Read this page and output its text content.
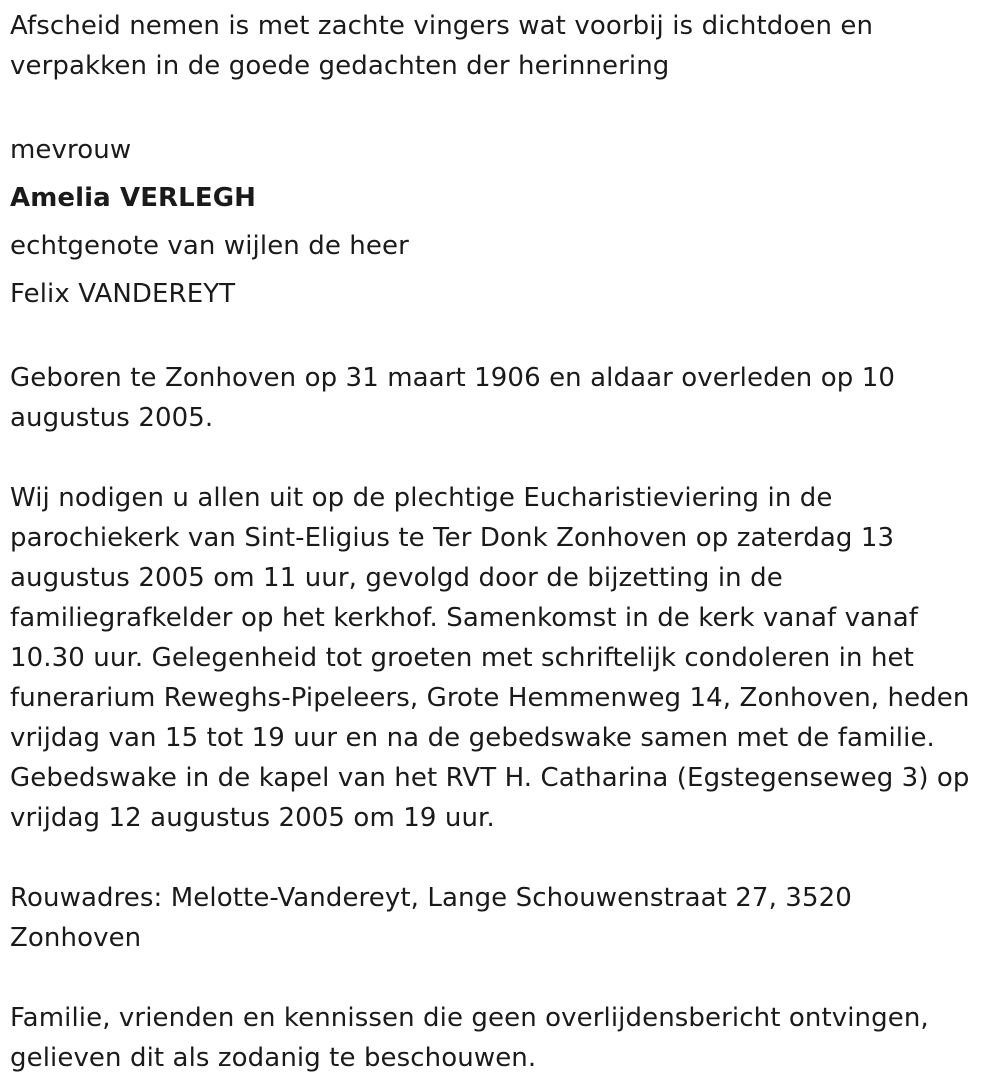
Afscheid nemen is met zachte vingers wat voorbij is dichtdoen en
verpakken in de goede gedachten der herinnering

mevrouw

Amelia VERLEGH

echtgenote van wijlen de heer

Felix VANDEREYT

Geboren te Zonhoven op 31 maart 1906 en aldaar overleden op 10
augustus 2005.

Wij nodigen u allen uit op de plechtige Eucharistieviering in de
parochiekerk van Sint-Eligius te Ter Donk Zonhoven op zaterdag 13
augustus 2005 om 11 uur, gevolgd door de bijzetting in de
familiegrafkelder op het kerkhof. Samenkomst in de kerk vanaf vanaf
10.30 uur. Gelegenheid tot groeten met schriftelijk condoleren in het
funerarium Reweghs-Pipeleers, Grote Hemmenweg 14, Zonhoven, heden
vrijdag van 15 tot 19 uur en na de gebedswake samen met de familie.
Gebedswake in de kapel van het RVT H. Catharina (Egstegenseweg 3) op
vrijdag 12 augustus 2005 om 19 uur.

Rouwadres: Melotte-Vandereyt, Lange Schouwenstraat 27, 3520
Zonhoven

Familie, vrienden en kennissen die geen overlijdensbericht ontvingen,
gelieven dit als zodanig te beschouwen.
